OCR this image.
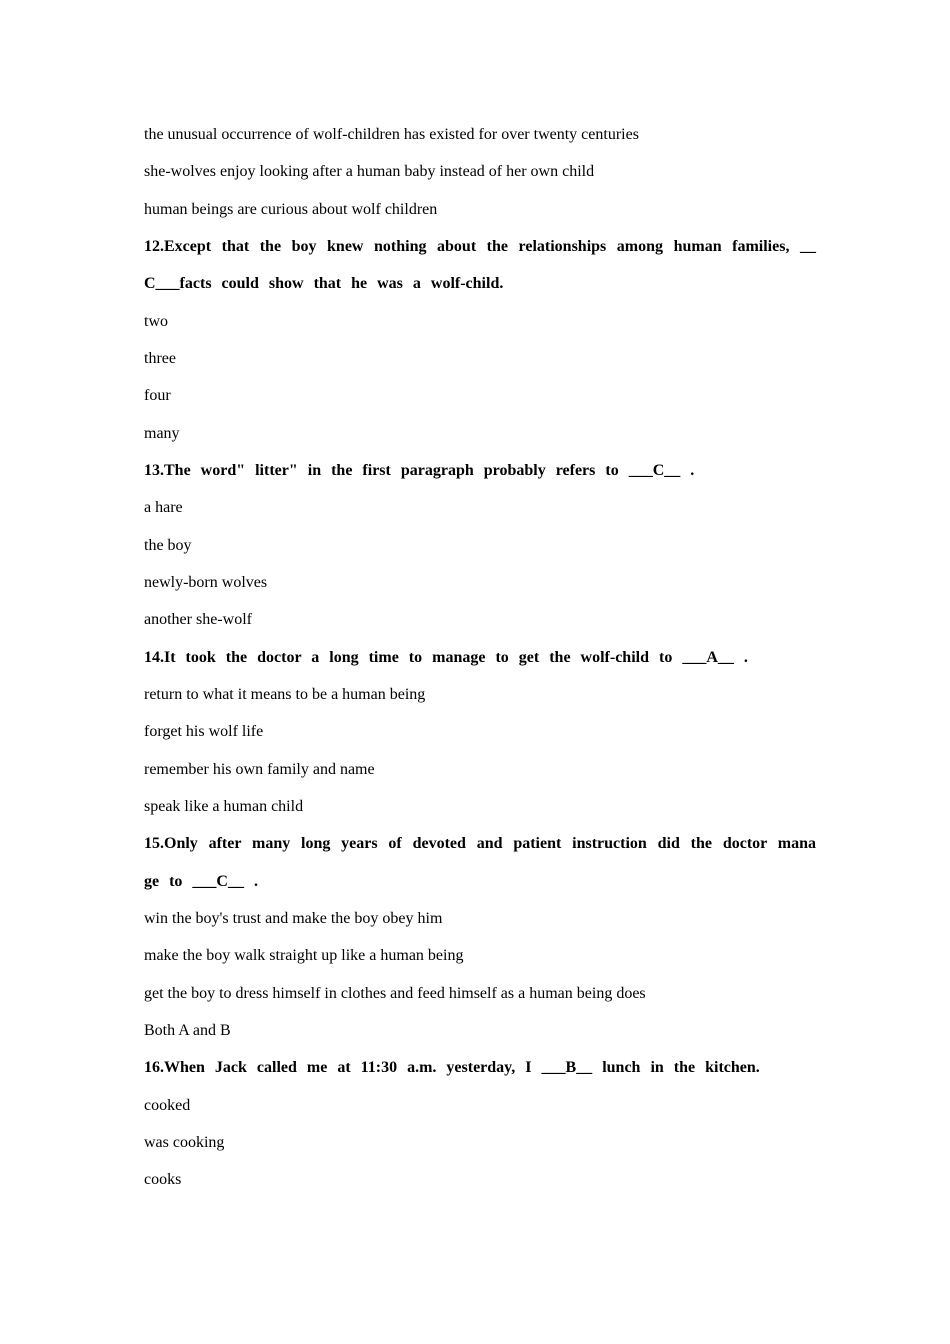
the unusual occurrence of wolf-children has existed for over twenty centuries
she-wolves enjoy looking after a human baby instead of her own child
human beings are curious about wolf children
12.Except that the boy knew nothing about the relationships among human families, __
C___facts could show that he was a wolf-child.
two
three
four
many
13.The word" litter" in the first paragraph probably refers to ___C__ .
a hare
the boy
newly-born wolves
another she-wolf
14.It took the doctor a long time to manage to get the wolf-child to ___A__ .
return to what it means to be a human being
forget his wolf life
remember his own family and name
speak like a human child
15.Only after many long years of devoted and patient instruction did the doctor mana
ge to ___C__ .
win the boy's trust and make the boy obey him
make the boy walk straight up like a human being
get the boy to dress himself in clothes and feed himself as a human being does
Both A and B
16.When Jack called me at 11:30 a.m. yesterday, I ___B__ lunch in the kitchen.
cooked
was cooking
cooks
